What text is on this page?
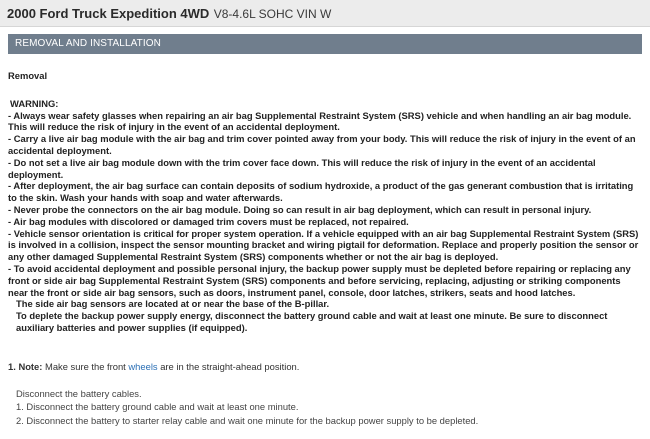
2000 Ford Truck Expedition 4WD V8-4.6L SOHC VIN W
REMOVAL AND INSTALLATION
Removal
WARNING:
- Always wear safety glasses when repairing an air bag Supplemental Restraint System (SRS) vehicle and when handling an air bag module. This will reduce the risk of injury in the event of an accidental deployment.
- Carry a live air bag module with the air bag and trim cover pointed away from your body. This will reduce the risk of injury in the event of an accidental deployment.
- Do not set a live air bag module down with the trim cover face down. This will reduce the risk of injury in the event of an accidental deployment.
- After deployment, the air bag surface can contain deposits of sodium hydroxide, a product of the gas generant combustion that is irritating to the skin. Wash your hands with soap and water afterwards.
- Never probe the connectors on the air bag module. Doing so can result in air bag deployment, which can result in personal injury.
- Air bag modules with discolored or damaged trim covers must be replaced, not repaired.
- Vehicle sensor orientation is critical for proper system operation. If a vehicle equipped with an air bag Supplemental Restraint System (SRS) is involved in a collision, inspect the sensor mounting bracket and wiring pigtail for deformation. Replace and properly position the sensor or any other damaged Supplemental Restraint System (SRS) components whether or not the air bag is deployed.
- To avoid accidental deployment and possible personal injury, the backup power supply must be depleted before repairing or replacing any front or side air bag Supplemental Restraint System (SRS) components and before servicing, replacing, adjusting or striking components near the front or side air bag sensors, such as doors, instrument panel, console, door latches, strikers, seats and hood latches.
The side air bag sensors are located at or near the base of the B-pillar.
To deplete the backup power supply energy, disconnect the battery ground cable and wait at least one minute. Be sure to disconnect auxiliary batteries and power supplies (if equipped).
1. Note: Make sure the front wheels are in the straight-ahead position.
Disconnect the battery cables.
1. Disconnect the battery ground cable and wait at least one minute.
2. Disconnect the battery to starter relay cable and wait one minute for the backup power supply to be depleted.
